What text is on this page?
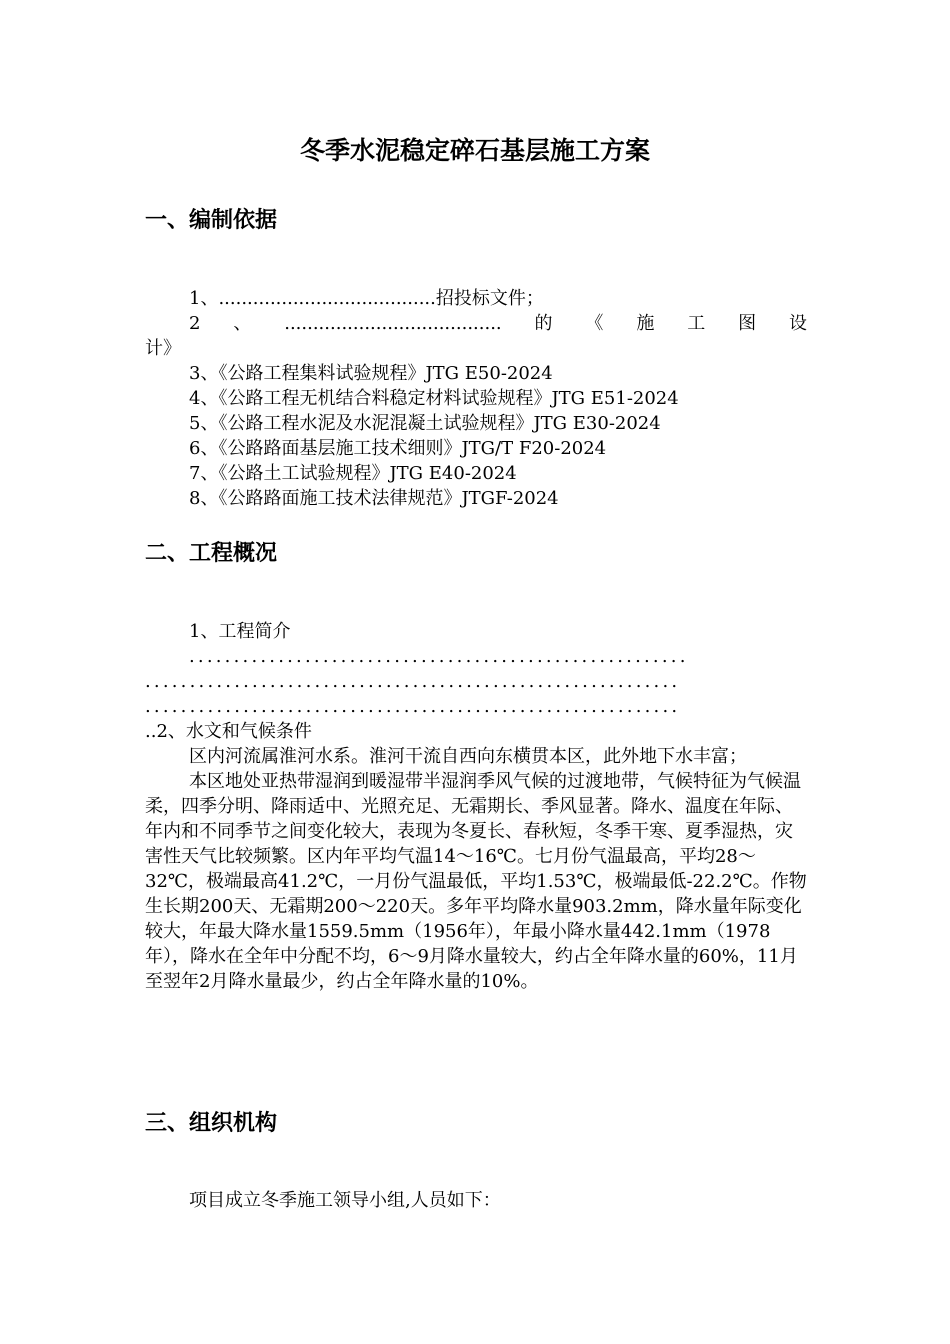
冬季水泥稳定碎石基层施工方案
一、编制依据

1、......................................招投标文件；

2、......................................的《施工图设

计》

3、《公路工程集料试验规程》JTG E50-2024

4、《公路工程无机结合料稳定材料试验规程》JTG E51-2024

5、《公路工程水泥及水泥混凝土试验规程》JTG E30-2024

6、《公路路面基层施工技术细则》JTG/T F20-2024

7、《公路土工试验规程》JTG E40-2024

8、《公路路面施工技术法律规范》JTGF-2024

二、工程概况

1、工程简介

........................................................

............................................................

............................................................

..2、水文和气候条件

区内河流属淮河水系。淮河干流自西向东横贯本区，此外地下水丰富；

本区地处亚热带湿润到暖湿带半湿润季风气候的过渡地带，气候特征为气候温柔，四季分明、降雨适中、光照充足、无霜期长、季风显著。降水、温度在年际、年内和不同季节之间变化较大，表现为冬夏长、春秋短，冬季干寒、夏季湿热，灾害性天气比较频繁。区内年平均气温14～16℃。七月份气温最高，平均28～32℃，极端最高41.2℃，一月份气温最低，平均1.53℃，极端最低-22.2℃。作物生长期200天、无霜期200～220天。多年平均降水量903.2mm，降水量年际变化较大，年最大降水量1559.5mm（1956年），年最小降水量442.1mm（1978年），降水在全年中分配不均，6～9月降水量较大，约占全年降水量的60%，11月至翌年2月降水量最少，约占全年降水量的10%。

三、组织机构

项目成立冬季施工领导小组,人员如下：
